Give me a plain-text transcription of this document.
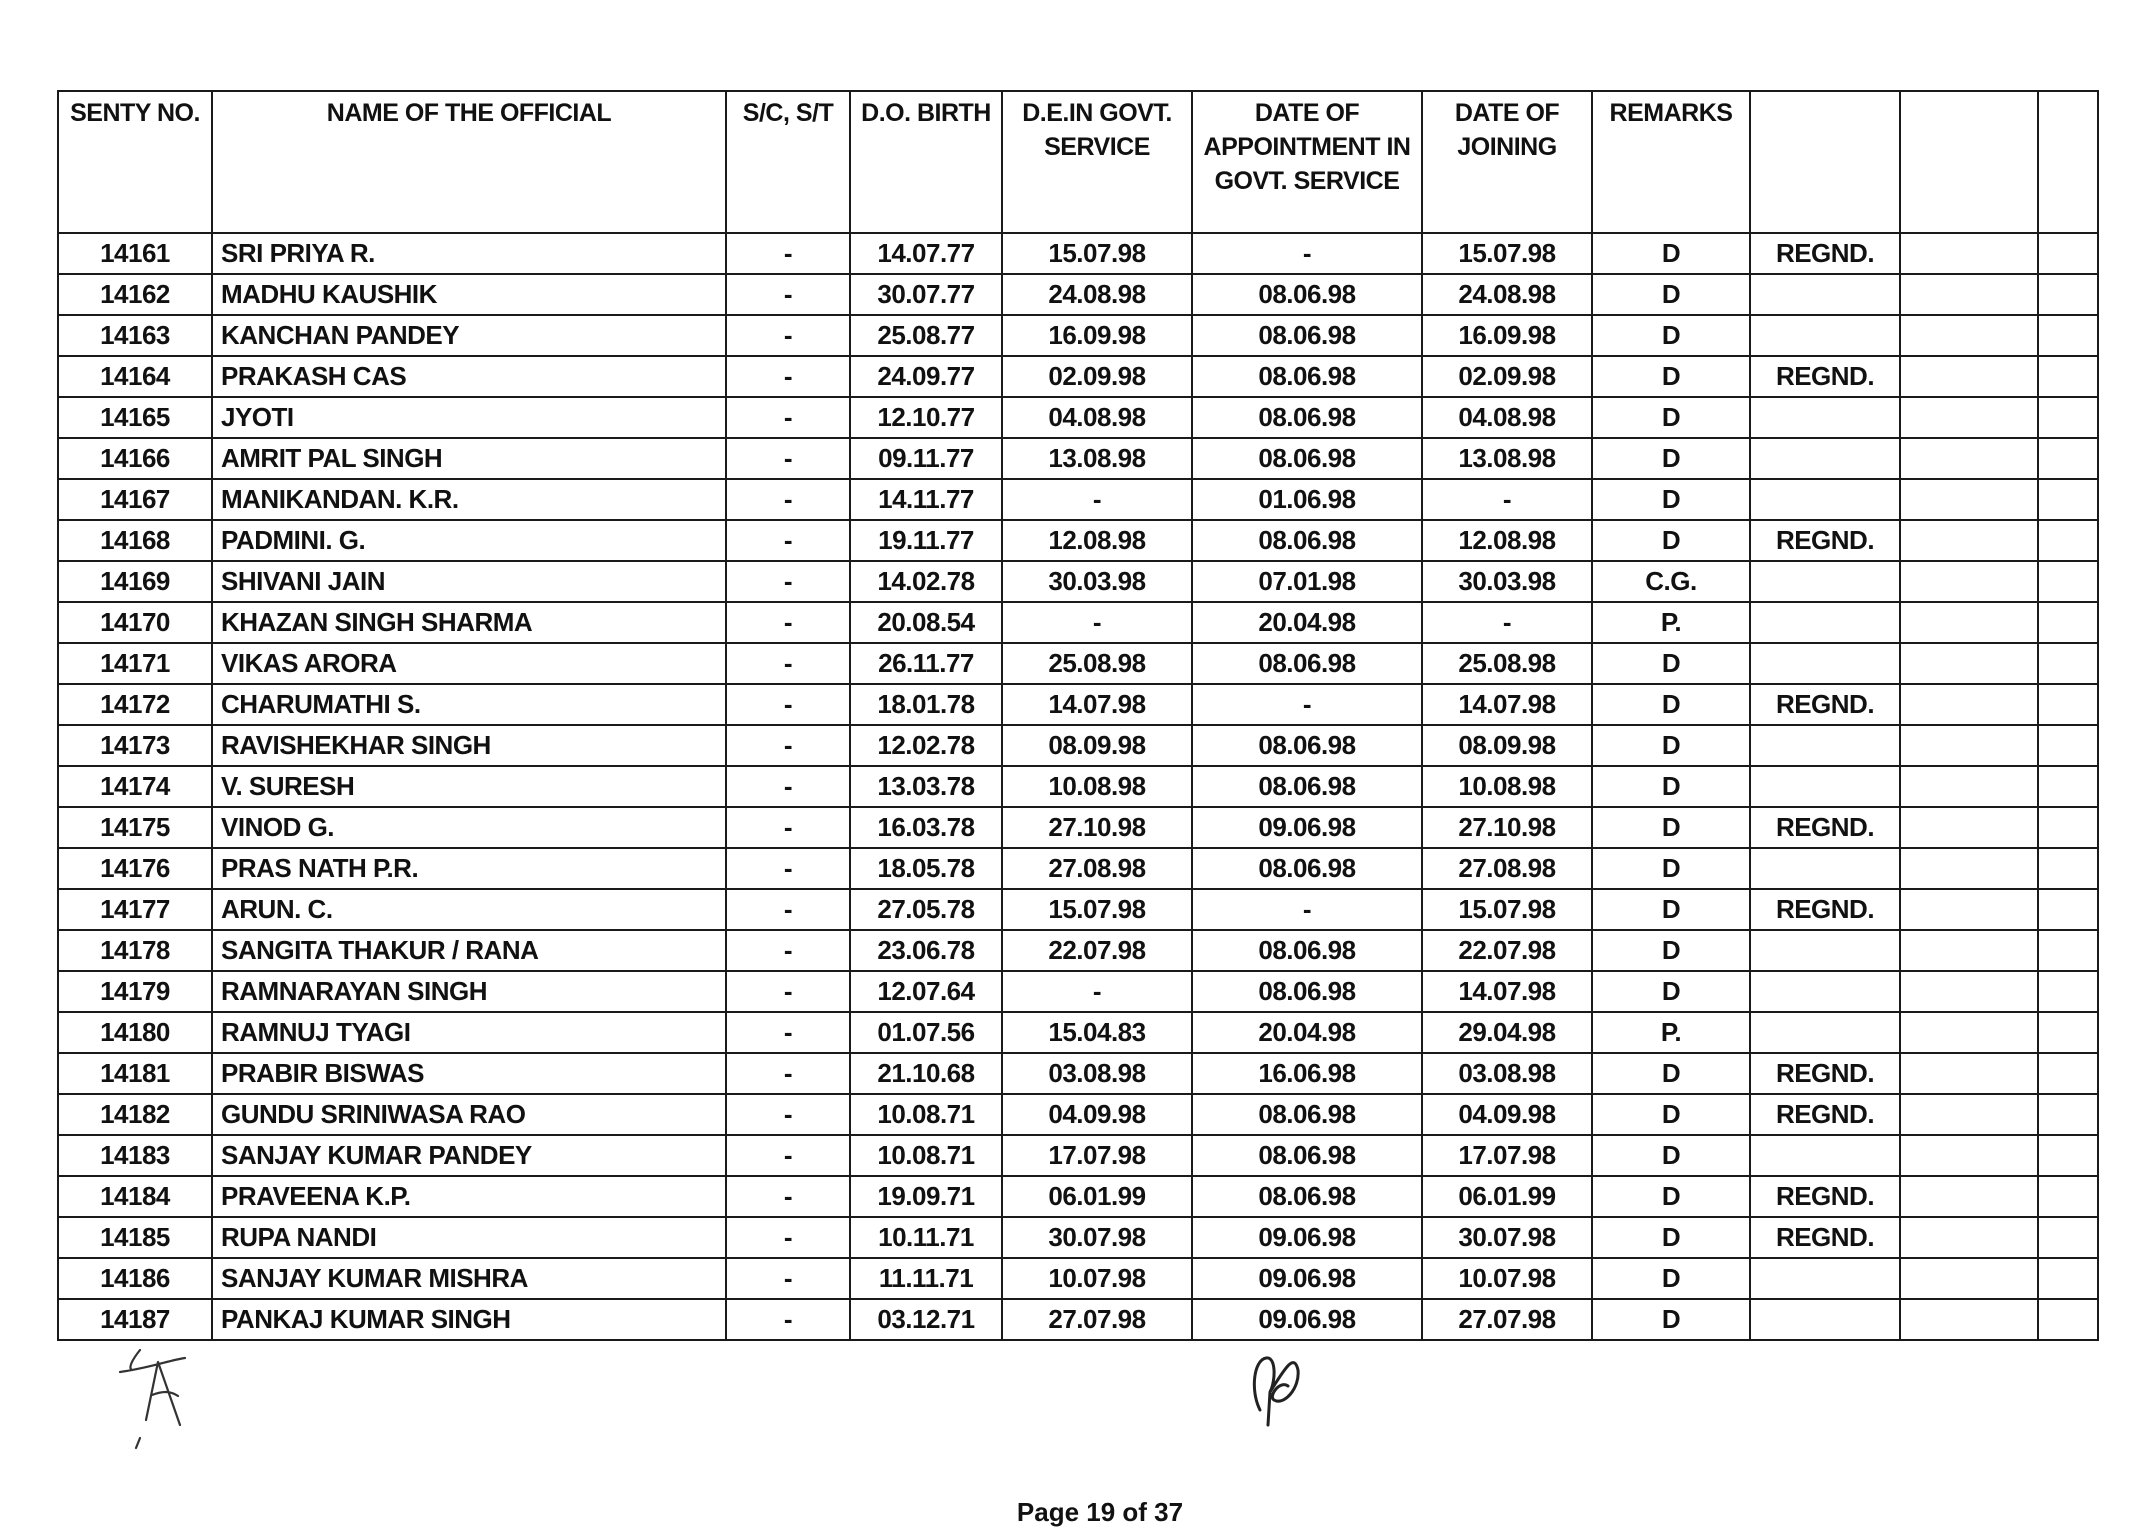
SENTY NO.	NAME OF THE OFFICIAL	S/C, S/T	D.O. BIRTH	D.E.IN GOVT. SERVICE	DATE OF APPOINTMENT IN GOVT. SERVICE	DATE OF JOINING	REMARKS			
14161	SRI PRIYA R.	-	14.07.77	15.07.98	-	15.07.98	D	REGND.		
14162	MADHU KAUSHIK	-	30.07.77	24.08.98	08.06.98	24.08.98	D			
14163	KANCHAN PANDEY	-	25.08.77	16.09.98	08.06.98	16.09.98	D			
14164	PRAKASH CAS	-	24.09.77	02.09.98	08.06.98	02.09.98	D	REGND.		
14165	JYOTI	-	12.10.77	04.08.98	08.06.98	04.08.98	D			
14166	AMRIT PAL SINGH	-	09.11.77	13.08.98	08.06.98	13.08.98	D			
14167	MANIKANDAN. K.R.	-	14.11.77	-	01.06.98	-	D			
14168	PADMINI. G.	-	19.11.77	12.08.98	08.06.98	12.08.98	D	REGND.		
14169	SHIVANI JAIN	-	14.02.78	30.03.98	07.01.98	30.03.98	C.G.			
14170	KHAZAN SINGH SHARMA	-	20.08.54	-	20.04.98	-	P.			
14171	VIKAS ARORA	-	26.11.77	25.08.98	08.06.98	25.08.98	D			
14172	CHARUMATHI S.	-	18.01.78	14.07.98	-	14.07.98	D	REGND.		
14173	RAVISHEKHAR SINGH	-	12.02.78	08.09.98	08.06.98	08.09.98	D			
14174	V. SURESH	-	13.03.78	10.08.98	08.06.98	10.08.98	D			
14175	VINOD G.	-	16.03.78	27.10.98	09.06.98	27.10.98	D	REGND.		
14176	PRAS NATH P.R.	-	18.05.78	27.08.98	08.06.98	27.08.98	D			
14177	ARUN. C.	-	27.05.78	15.07.98	-	15.07.98	D	REGND.		
14178	SANGITA THAKUR / RANA	-	23.06.78	22.07.98	08.06.98	22.07.98	D			
14179	RAMNARAYAN SINGH	-	12.07.64	-	08.06.98	14.07.98	D			
14180	RAMNUJ TYAGI	-	01.07.56	15.04.83	20.04.98	29.04.98	P.			
14181	PRABIR BISWAS	-	21.10.68	03.08.98	16.06.98	03.08.98	D	REGND.		
14182	GUNDU SRINIWASA RAO	-	10.08.71	04.09.98	08.06.98	04.09.98	D	REGND.		
14183	SANJAY KUMAR PANDEY	-	10.08.71	17.07.98	08.06.98	17.07.98	D			
14184	PRAVEENA K.P.	-	19.09.71	06.01.99	08.06.98	06.01.99	D	REGND.		
14185	RUPA NANDI	-	10.11.71	30.07.98	09.06.98	30.07.98	D	REGND.		
14186	SANJAY KUMAR MISHRA	-	11.11.71	10.07.98	09.06.98	10.07.98	D			
14187	PANKAJ KUMAR SINGH	-	03.12.71	27.07.98	09.06.98	27.07.98	D			
Page 19 of 37
